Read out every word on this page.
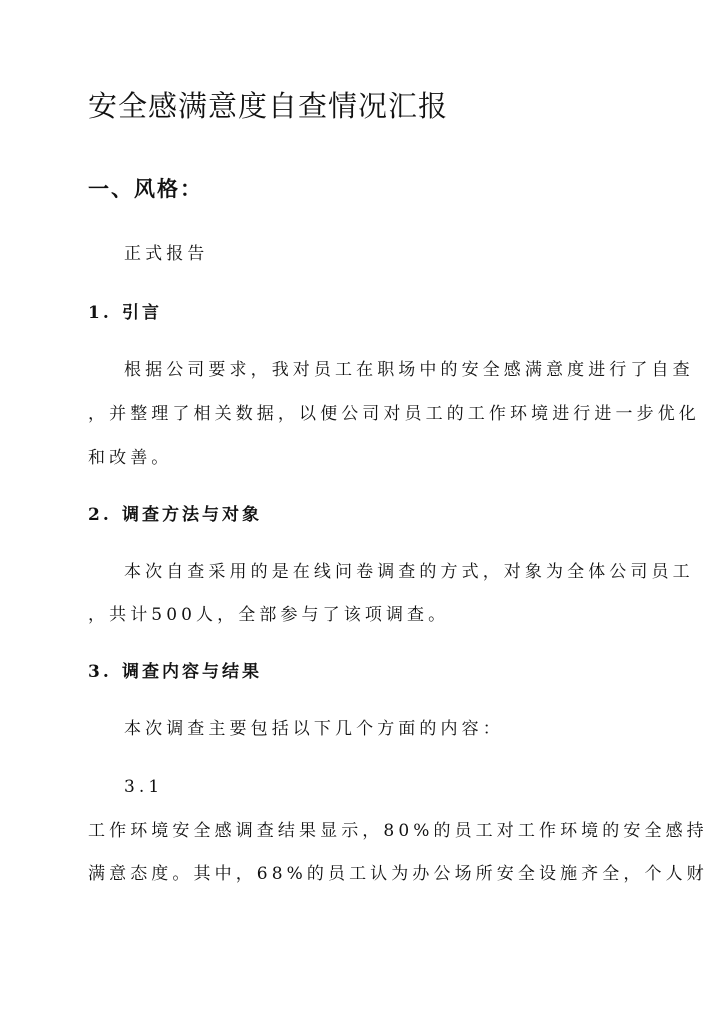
安全感满意度自查情况汇报
一、风格：
正式报告
1. 引言
根据公司要求，我对员工在职场中的安全感满意度进行了自查
，并整理了相关数据，以便公司对员工的工作环境进行进一步优化
和改善。
2. 调查方法与对象
本次自查采用的是在线问卷调查的方式，对象为全体公司员工
，共计500人，全部参与了该项调查。
3. 调查内容与结果
本次调查主要包括以下几个方面的内容：
3.1
工作环境安全感调查结果显示，80%的员工对工作环境的安全感持
满意态度。其中，68%的员工认为办公场所安全设施齐全，个人财
